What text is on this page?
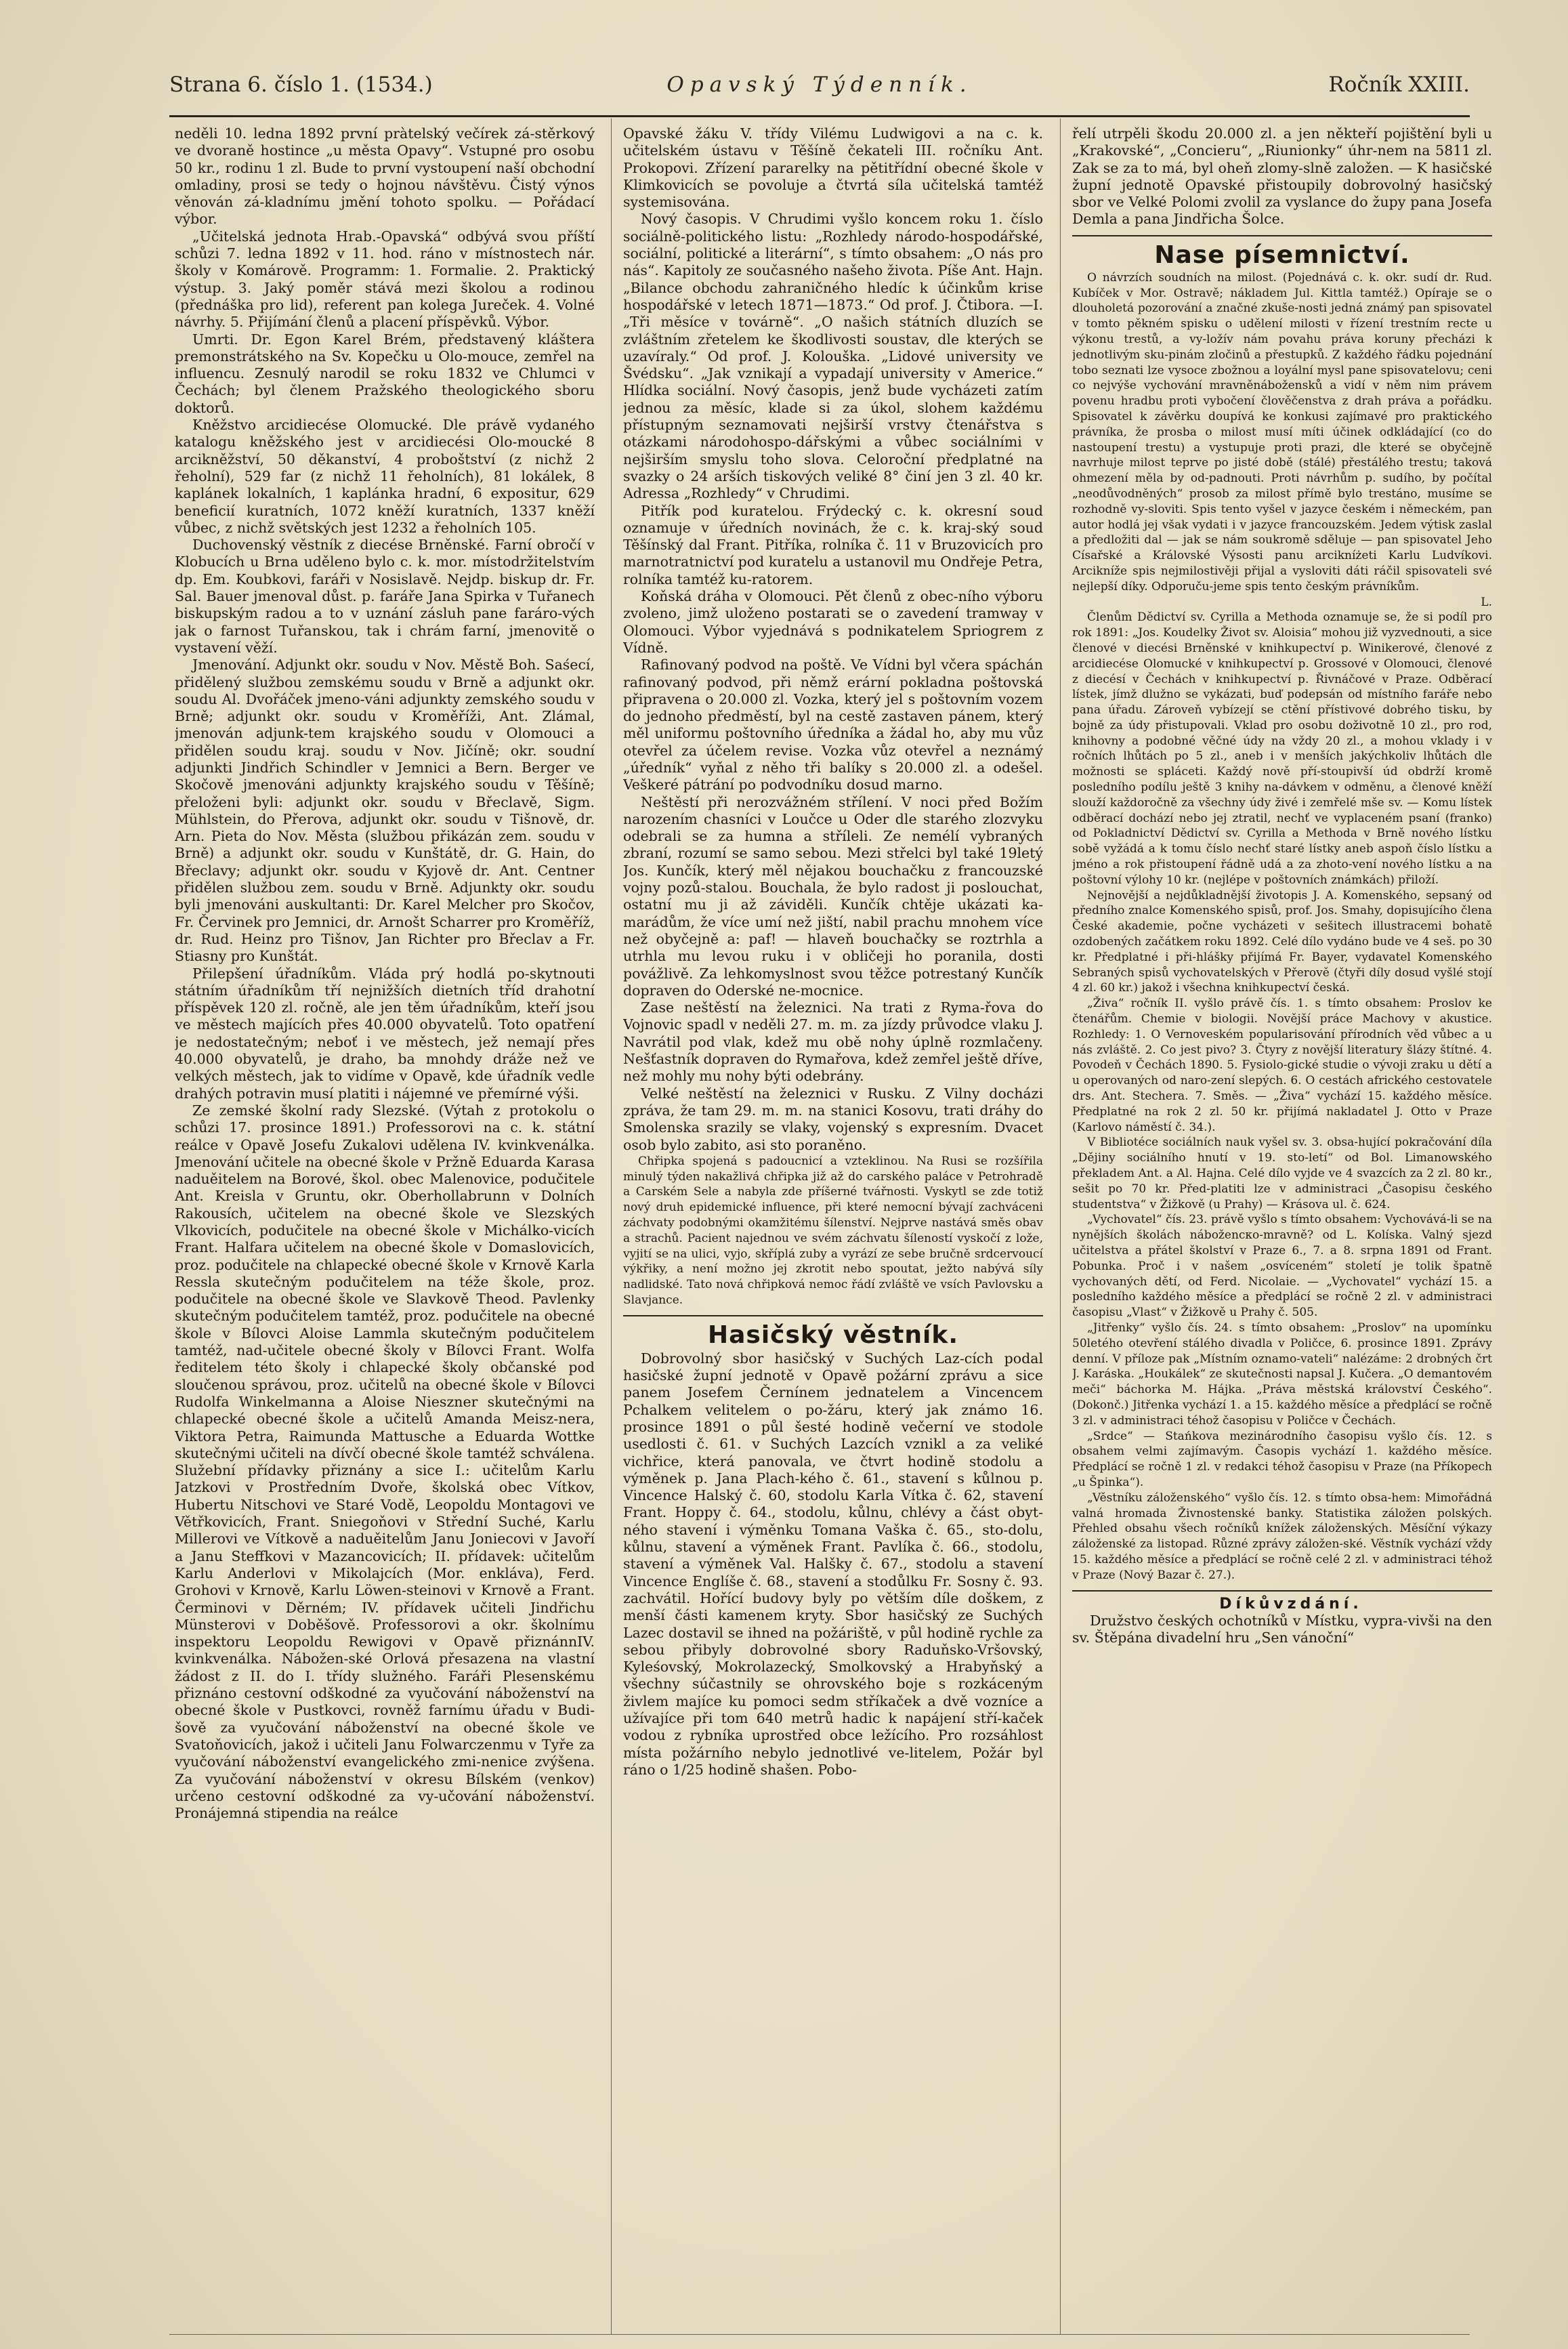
Strana 6. číslo 1. (1534.)	Opavský Týdenník.	Ročník XXIII.

neděli 10. ledna 1892 první pràtelský večírek zá-stěrkový ve dvoraně hostince „u města Opavy“. Vstupné pro osobu 50 kr., rodinu 1 zl. Bude to první vystoupení naší obchodní omladiny, prosi se tedy o hojnou návštěvu. Čistý výnos věnován zá-kladnímu jmění tohoto spolku. — Pořádací výbor.

„Učitelská jednota Hrab.-Opavská“ odbývá svou příští schůzi 7. ledna 1892 v 11. hod. ráno v místnostech nár. školy v Komárově. Programm: 1. Formalie. 2. Praktický výstup. 3. Jaký poměr stává mezi školou a rodinou (přednáška pro lid), referent pan kolega Jureček. 4. Volné návrhy. 5. Přijímání členů a placení příspěvků. Výbor.

Umrti. Dr. Egon Karel Brém, představený kláštera premonstrátského na Sv. Kopečku u Olo-mouce, zemřel na influencu. Zesnulý narodil se roku 1832 ve Chlumci v Čechách; byl členem Pražského theologického sboru doktorů.

Kněžstvo arcidiecése Olomucké. Dle právě vydaného katalogu kněžského jest v arcidiecési Olo-moucké 8 arcikněžství, 50 děkanství, 4 proboštství (z nichž 2 řeholní), 529 far (z nichž 11 řeholních), 81 lokálek, 8 kaplánek lokalních, 1 kaplánka hradní, 6 expositur, 629 beneficií kuratních, 1072 kněží kuratních, 1337 kněží vůbec, z nichž světských jest 1232 a řeholních 105.

Duchovenský věstník z diecése Brněnské. Farní obročí v Klobucích u Brna uděleno bylo c. k. mor. místodržitelstvím dp. Em. Koubkovi, faráři v Nosislavě. Nejdp. biskup dr. Fr. Sal. Bauer jmenoval důst. p. faráře Jana Spirka v Tuřanech biskupským radou a to v uznání zásluh pane faráro-vých jak o farnost Tuřanskou, tak i chrám farní, jmenovitě o vystavení věží.

Jmenování. Adjunkt okr. soudu v Nov. Městě Boh. Saśecí, přidělený službou zemskému soudu v Brně a adjunkt okr. soudu Al. Dvořáček jmeno-váni adjunkty zemského soudu v Brně; adjunkt okr. soudu v Kroměříži, Ant. Zlámal, jmenován adjunk-tem krajského soudu v Olomouci a přidělen soudu kraj. soudu v Nov. Jičíně; okr. soudní adjunkti Jindřich Schindler v Jemnici a Bern. Berger ve Skočově jmenováni adjunkty krajského soudu v Těšíně; přeloženi byli: adjunkt okr. soudu v Břeclavě, Sigm. Mühlstein, do Přerova, adjunkt okr. soudu v Tišnově, dr. Arn. Pieta do Nov. Města (službou přikázán zem. soudu v Brně) a adjunkt okr. soudu v Kunštátě, dr. G. Hain, do Břeclavy; adjunkt okr. soudu v Kyjově dr. Ant. Centner přidělen službou zem. soudu v Brně. Adjunkty okr. soudu byli jmenováni auskultanti: Dr. Karel Melcher pro Skočov, Fr. Červinek pro Jemnici, dr. Arnošt Scharrer pro Kroměříž, dr. Rud. Heinz pro Tišnov, Jan Richter pro Břeclav a Fr. Stiasny pro Kunštát.

Přilepšení úřadníkům. Vláda prý hodlá po-skytnouti státním úřadníkům tří nejnižších dietních tříd drahotní příspěvek 120 zl. ročně, ale jen těm úřadníkům, kteří jsou ve městech majících přes 40.000 obyvatelů. Toto opatření je nedostatečným; neboť i ve městech, jež nemají přes 40.000 obyvatelů, je draho, ba mnohdy dráže než ve velkých městech, jak to vidíme v Opavě, kde úřadník vedle drahých potravin musí platiti i nájemné ve přemírné výši.

Ze zemské školní rady Slezské. (Výtah z protokolu o schůzi 17. prosince 1891.) Professorovi na c. k. státní reálce v Opavě Josefu Zukalovi udělena IV. kvinkvenálka. Jmenování učitele na obecné škole v Pržně Eduarda Karasa naduěitelem na Borové, škol. obec Malenovice, podučitele Ant. Kreisla v Gruntu, okr. Oberhollabrunn v Dolních Rakousích, učitelem na obecné škole ve Slezských Vlkovicích, podučitele na obecné škole v Michálko-vicích Frant. Halfara učitelem na obecné škole v Domaslovicích, proz. podučitele na chlapecké obecné škole v Krnově Karla Ressla skutečným podučitelem na téže škole, proz. podučitele na obecné škole ve Slavkově Theod. Pavlenky skutečným podučitelem tamtéž, proz. podučitele na obecné škole v Bílovci Aloise Lammla skutečným podučitelem tamtéž, nad-učitele obecné školy v Bílovci Frant. Wolfa ředitelem této školy i chlapecké školy občanské pod sloučenou správou, proz. učitelů na obecné škole v Bílovci Rudolfa Winkelmanna a Aloise Nieszner skutečnými na chlapecké obecné škole a učitelů Amanda Meisz-nera, Viktora Petra, Raimunda Mattusche a Eduarda Wottke skutečnými učiteli na dívčí obecné škole tamtéž schválena. Služební přídavky přiznány a sice I.: učitelům Karlu Jatzkovi v Prostředním Dvoře, školská obec Vítkov, Hubertu Nitschovi ve Staré Vodě, Leopoldu Montagovi ve Větřkovicích, Frant. Sniegoňovi v Střední Suché, Karlu Millerovi ve Vítkově a naduěitelům Janu Joniecovi v Javoří a Janu Steffkovi v Mazancovicích; II. přídavek: učitelům Karlu Anderlovi v Mikolajcích (Mor. enkláva), Ferd. Grohovi v Krnově, Karlu Löwen-steinovi v Krnově a Frant. Čerminovi v Děrném; IV. přídavek učiteli Jindřichu Münsterovi v Doběšově. Professorovi a okr. školnímu inspektoru Leopoldu Rewigovi v Opavě přiznánnIV. kvinkvenálka. Nábožen-ské Orlová přesazena na vlastní žádost z II. do I. třídy služného. Faráři Plesenskému přiznáno cestovní odškodné za vyučování náboženství na obecné škole v Pustkovci, rovněž farnímu úřadu v Budi-šově za vyučování náboženství na obecné škole ve Svatoňovicích, jakož i učiteli Janu Folwarczenmu v Tyře za vyučování náboženství evangelického zmi-nenice zvýšena. Za vyučování náboženství v okresu Bílském (venkov) určeno cestovní odškodné za vy-učování náboženství. Pronájemná stipendia na reálce

Opavské žáku V. třídy Vilému Ludwigovi a na c. k. učitelském ústavu v Těšíně čekateli III. ročníku Ant. Prokopovi. Zřízení pararelky na pětitřídní obecné škole v Klimkovicích se povoluje a čtvrtá síla učitelská tamtéž systemisována.

Nový časopis. V Chrudimi vyšlo koncem roku 1. číslo sociálně-politického listu: „Rozhledy národo-hospodářské, sociální, politické a literární“, s tímto obsahem: „O nás pro nás“. Kapitoly ze současného našeho života. Píše Ant. Hajn. „Bilance obchodu zahraničného hledíc k účinkům krise hospodářské v letech 1871—1873.“ Od prof. J. Čtibora. —I. „Tři měsíce v továrně“. „O našich státních dluzích se zvláštním zřetelem ke škodlivosti soustav, dle kterých se uzavíraly.“ Od prof. J. Kolouška. „Lidové university ve Švédsku“. „Jak vznikají a vypadají university v Americe.“ Hlídka sociální. Nový časopis, jenž bude vycházeti zatím jednou za měsíc, klade si za úkol, slohem každému přístupným seznamovati nejširší vrstvy čtenářstva s otázkami národohospo-dářskými a vůbec sociálními v nejširším smyslu toho slova. Celoroční předplatné na svazky o 24 arších tiskových veliké 8° činí jen 3 zl. 40 kr. Adressa „Rozhledy“ v Chrudimi.

Pitřík pod kuratelou. Frýdecký c. k. okresní soud oznamuje v úředních novinách, že c. k. kraj-ský soud Těšínský dal Frant. Pitříka, rolníka č. 11 v Bruzovicích pro marnotratnictví pod kuratelu a ustanovil mu Ondřeje Petra, rolníka tamtéž ku-ratorem.

Koňská dráha v Olomouci. Pět členů z obec-ního výboru zvoleno, jimž uloženo postarati se o zavedení tramway v Olomouci. Výbor vyjednává s podnikatelem Spriogrem z Vídně.

Rafinovaný podvod na poště. Ve Vídni byl včera spáchán rafinovaný podvod, při němž erární pokladna poštovská připravena o 20.000 zl. Vozka, který jel s poštovním vozem do jednoho předměstí, byl na cestě zastaven pánem, který měl uniformu poštovního úředníka a žádal ho, aby mu vůz otevřel za účelem revise. Vozka vůz otevřel a neznámý „úředník“ vyňal z něho tři balíky s 20.000 zl. a odešel. Veškeré pátrání po podvodníku dosud marno.

Neštěstí při nerozvážném střílení. V noci před Božím narozením chasníci v Loučce u Oder dle starého zlozvyku odebrali se za humna a stříleli. Ze nemélí vybraných zbraní, rozumí se samo sebou. Mezi střelci byl také 19letý Jos. Kunčík, který měl nějakou bouchačku z francouzské vojny pozů-stalou. Bouchala, že bylo radost ji poslouchat, ostatní mu ji až záviděli. Kunčík chtěje ukázati ka-marádům, že více umí než jiští, nabil prachu mnohem více než obyčejně a: paf! — hlaveň bouchačky se roztrhla a utrhla mu levou ruku i v obličeji ho poranila, dosti povážlivě. Za lehkomyslnost svou těžce potrestaný Kunčík dopraven do Oderské ne-mocnice.

Zase neštěstí na železnici. Na trati z Ryma-řova do Vojnovic spadl v neděli 27. m. m. za jízdy průvodce vlaku J. Navrátil pod vlak, kdež mu obě nohy úplně rozmlačeny. Nešťastník dopraven do Rymařova, kdež zemřel ještě dříve, než mohly mu nohy býti odebrány.

Velké neštěstí na železnici v Rusku. Z Vilny docházi zpráva, že tam 29. m. m. na stanici Kosovu, trati dráhy do Smolenska srazily se vlaky, vojenský s expresním. Dvacet osob bylo zabito, asi sto poraněno.

Chřipka spojená s padoucnicí a vzteklinou. Na Rusi se rozšířila minulý týden nakažlivá chřipka již až do carského paláce v Petrohradě a Carském Sele a nabyla zde příšerné tvářnosti. Vyskytl se zde totiž nový druh epidemické influence, při které nemocní bývají zachváceni záchvaty podobnými okamžitému šílenství. Nejprve nastává směs obav a strachů. Pacient najednou ve svém záchvatu šíleností vyskočí z lože, vyjití se na ulici, vyjo, skříplá zuby a vyrází ze sebe bručně srdcervoucí výkřiky, a není možno jej zkrotit nebo spoutat, ježto nabývá síly nadlidské. Tato nová chřipková nemoc řádí zvláště ve vsích Pavlovsku a Slavjance.

Hasičský věstník.

Dobrovolný sbor hasičský v Suchých Laz-cích podal hasičské župní jednotě v Opavě požární zprávu a sice panem Josefem Černínem jednatelem a Vincencem Pchalkem velitelem o po-žáru, který jak známo 16. prosince 1891 o půl šesté hodině večerní ve stodole usedlosti č. 61. v Suchých Lazcích vznikl a za veliké vichřice, která panovala, ve čtvrt hodině stodolu a výměnek p. Jana Plach-kého č. 61., stavení s kůlnou p. Vincence Halský č. 60, stodolu Karla Vítka č. 62, stavení Frant. Hoppy č. 64., stodolu, kůlnu, chlévy a část obyt-ného stavení i výměnku Tomana Vaška č. 65., sto-dolu, kůlnu, stavení a výměnek Frant. Pavlíka č. 66., stodolu, stavení a výměnek Val. Halšky č. 67., stodolu a stavení Vincence Englíše č. 68., stavení a stodůlku Fr. Sosny č. 93. zachvátil. Hořící budovy byly po větším díle doškem, z menší části kamenem kryty. Sbor hasičský ze Suchých Lazec dostavil se ihned na požáriště, v půl hodině rychle za sebou přibyly dobrovolné sbory Raduňsko-Vršovský, Kyleśovský, Mokrolazecký, Smolkovský a Hrabyňský a všechny súčastnily se ohrovského boje s rozkáceným živlem majíce ku pomoci sedm stříkaček a dvě vozníce a užívajíce při tom 640 metrů hadic k napájení stří-kaček vodou z rybníka uprostřed obce ležícího. Pro rozsáhlost místa požárního nebylo jednotlivé ve-litelem, Požár byl ráno o 1/25 hodině shašen. Pobo-

řelí utrpěli škodu 20.000 zl. a jen někteří pojištění byli u „Krakovské“, „Concieru“, „Riunionky“ úhr-nem na 5811 zl. Zak se za to má, byl oheň zlomy-slně založen. — K hasičské župní jednotě Opavské přistoupily dobrovolný hasičský sbor ve Velké Polomi zvolil za vyslance do župy pana Josefa Demla a pana Jindřicha Šolce.

Nase písemnictví.

O návrzích soudních na milost. (Pojednává c. k. okr. sudí dr. Rud. Kubíček v Mor. Ostravě; nákladem Jul. Kittla tamtéž.) Opíraje se o dlouholetá pozorování a značné zkuše-nosti jedná známý pan spisovatel v tomto pěkném spisku o udělení milosti v řízení trestním recte u výkonu trestů, a vy-ložív nám povahu práva koruny přecházi k jednotlivým sku-pinám zločinů a přestupků. Z každého řádku pojednání tobo seznati lze vysoce zbožnou a loyální mysl pane spisovatelovu; ceni co nejvýše vychování mravněnábožensků a vidí v něm nim právem povenu hradbu proti vybočení člověčenstva z drah práva a pořádku. Spisovatel k závěrku doupívá ke konkusi zajímavé pro praktického právníka, že prosba o milost musí míti účinek odkládající (co do nastoupení trestu) a vystupuje proti prazi, dle které se obyčejně navrhuje milost teprve po jisté době (stálé) přestálého trestu; taková ohmezení měla by od-padnouti. Proti návrhům p. sudího, by počítal „neodůvodněných“ prosob za milost přímě bylo trestáno, musíme se rozhodně vy-sloviti. Spis tento vyšel v jazyce českém i německém, pan autor hodlá jej však vydati i v jazyce francouzském. Jedem výtisk zaslal a předložiti dal — jak se nám soukromě sděluje — pan spisovatel Jeho Císařské a Královské Výsosti panu arcikníżeti Karlu Ludvíkovi. Arcikníže spis nejmilostivěji přijal a vysloviti dáti ráčil spisovateli své nejlepší díky. Odporuču-jeme spis tento českým právníkům.

L.

Členům Dědictví sv. Cyrilla a Methoda oznamuje se, že si podíl pro rok 1891: „Jos. Koudelky Život sv. Aloisia“ mohou již vyzvednouti, a sice členové v diecési Brněnské v knihkupectví p. Winikerové, členové z arcidiecése Olomucké v knihkupectví p. Grossové v Olomouci, členové z diecésí v Čechách v knihkupectví p. Řivnáčové v Praze. Odběrací lístek, jímž dlužno se vykázati, buď podepsán od místního faráře nebo pana úřadu. Zároveň vybízejí se ctění přístivové dobrého tisku, by bojně za údy přistupovali. Vklad pro osobu doživotně 10 zl., pro rod, knihovny a podobné věčné údy na vždy 20 zl., a mohou vklady i v ročních lhůtách po 5 zl., aneb i v menších jakýchkoliv lhůtách dle možnosti se spláceti. Každý nově pří-stoupivší úd obdrží kromě posledního podílu ještě 3 knihy na-dávkem v odměnu, a členové kněží slouží každoročně za všechny údy živé i zemřelé mše sv. — Komu lístek odběrací dochází nebo jej ztratil, nechť ve vyplaceném psaní (franko) od Pokladnictví Dědictví sv. Cyrilla a Methoda v Brně nového lístku sobě vyžádá a k tomu číslo nechť staré lístky aneb aspoň číslo lístku a jméno a rok přistoupení řádně udá a za zhoto-vení nového lístku a na poštovní výlohy 10 kr. (nejlépe v poštovních známkách) přiloží.

Nejnovější a nejdůkladnější životopis J. A. Komenského, sepsaný od předního znalce Komenského spisů, prof. Jos. Smahy, dopisujícího člena České akademie, počne vycházeti v sešitech illustracemi bohatě ozdobených začátkem roku 1892. Celé dílo vydáno bude ve 4 seš. po 30 kr. Předplatné i při-hlášky přijímá Fr. Bayer, vydavatel Komenského Sebraných spisů vychovatelských v Přerově (čtyři díly dosud vyšlé stojí 4 zl. 60 kr.) jakož i všechna knihkupectví česká.

„Živa“ ročník II. vyšlo právě čís. 1. s tímto obsahem: Proslov ke čtenářům. Chemie v biologii. Novější práce Machovy v akustice. Rozhledy: 1. O Vernoveském popularisování přírodních věd vůbec a u nás zvláště. 2. Co jest pivo? 3. Čtyry z novější literatury šlázy štítné. 4. Povodeň v Čechách 1890. 5. Fysiolo-gické studie o vývoji zraku u dětí a u operovaných od naro-zení slepých. 6. O cestách afrického cestovatele drs. Ant. Stechera. 7. Směs. — „Živa“ vychází 15. každého měsíce. Předplatné na rok 2 zl. 50 kr. přijímá nakladatel J. Otto v Praze (Karlovo náměstí č. 34.).

V Bibliotéce sociálních nauk vyšel sv. 3. obsa-hující pokračování díla „Dějiny sociálního hnutí v 19. sto-letí“ od Bol. Limanowského překladem Ant. a Al. Hajna. Celé dílo vyjde ve 4 svazcích za 2 zl. 80 kr., sešit po 70 kr. Před-platiti lze v administraci „Časopisu českého studentstva“ v Žižkově (u Prahy) — Krásova ul. č. 624.

„Vychovatel“ čís. 23. právě vyšlo s tímto obsahem: Vychovává-li se na nynějších školách náboženско-mravně? od L. Kolíska. Valný sjezd učitelstva a přátel školství v Praze 6., 7. a 8. srpna 1891 od Frant. Pobunka. Proč i v našem „osvíceném“ století je tolik špatně vychovaných dětí, od Ferd. Nicolaie. — „Vychovatel“ vychází 15. a posledního každého měsíce a předplácí se ročně 2 zl. v administraci časopisu „Vlast“ v Žižkově u Prahy č. 505.

„Jitřenky“ vyšlo čís. 24. s tímto obsahem: „Proslov“ na upomínku 50letého otevření stálého divadla v Poličce, 6. prosince 1891. Zprávy denní. V příloze pak „Místním oznamo-vateli“ nalézáme: 2 drobných črt J. Karáska. „Houkálek“ ze skutečnosti napsal J. Kučera. „O demantovém meči“ báchorka M. Hájka. „Práva městská království Českého“. (Dokonč.) Jitřenka vychází 1. a 15. každého měsíce a předplácí se ročně 3 zl. v administraci téhož časopisu v Poličce v Čechách.

„Srdce“ — Stańkova mezinárodního časopisu vyšlo čís. 12. s obsahem velmi zajímavým. Časopis vychází 1. každého měsíce. Předplácí se ročně 1 zl. v redakci téhož časopisu v Praze (na Příkopech „u Špinka“).

„Věstníku záloženského“ vyšlo čís. 12. s tímto obsa-hem: Mimořádná valná hromada Živnostenské banky. Statistika záložen polských. Přehled obsahu všech ročníků knížek záloženských. Měsíční výkazy záloženské za listopad. Různé zprávy záložen-ské. Věstník vychází vždy 15. každého měsíce a předplácí se ročně celé 2 zl. v administraci téhož v Praze (Nový Bazar č. 27.).

Díkůvzdání.

Družstvo českých ochotníků v Místku, vypra-vivši na den sv. Štěpána divadelní hru „Sen vánoční“
